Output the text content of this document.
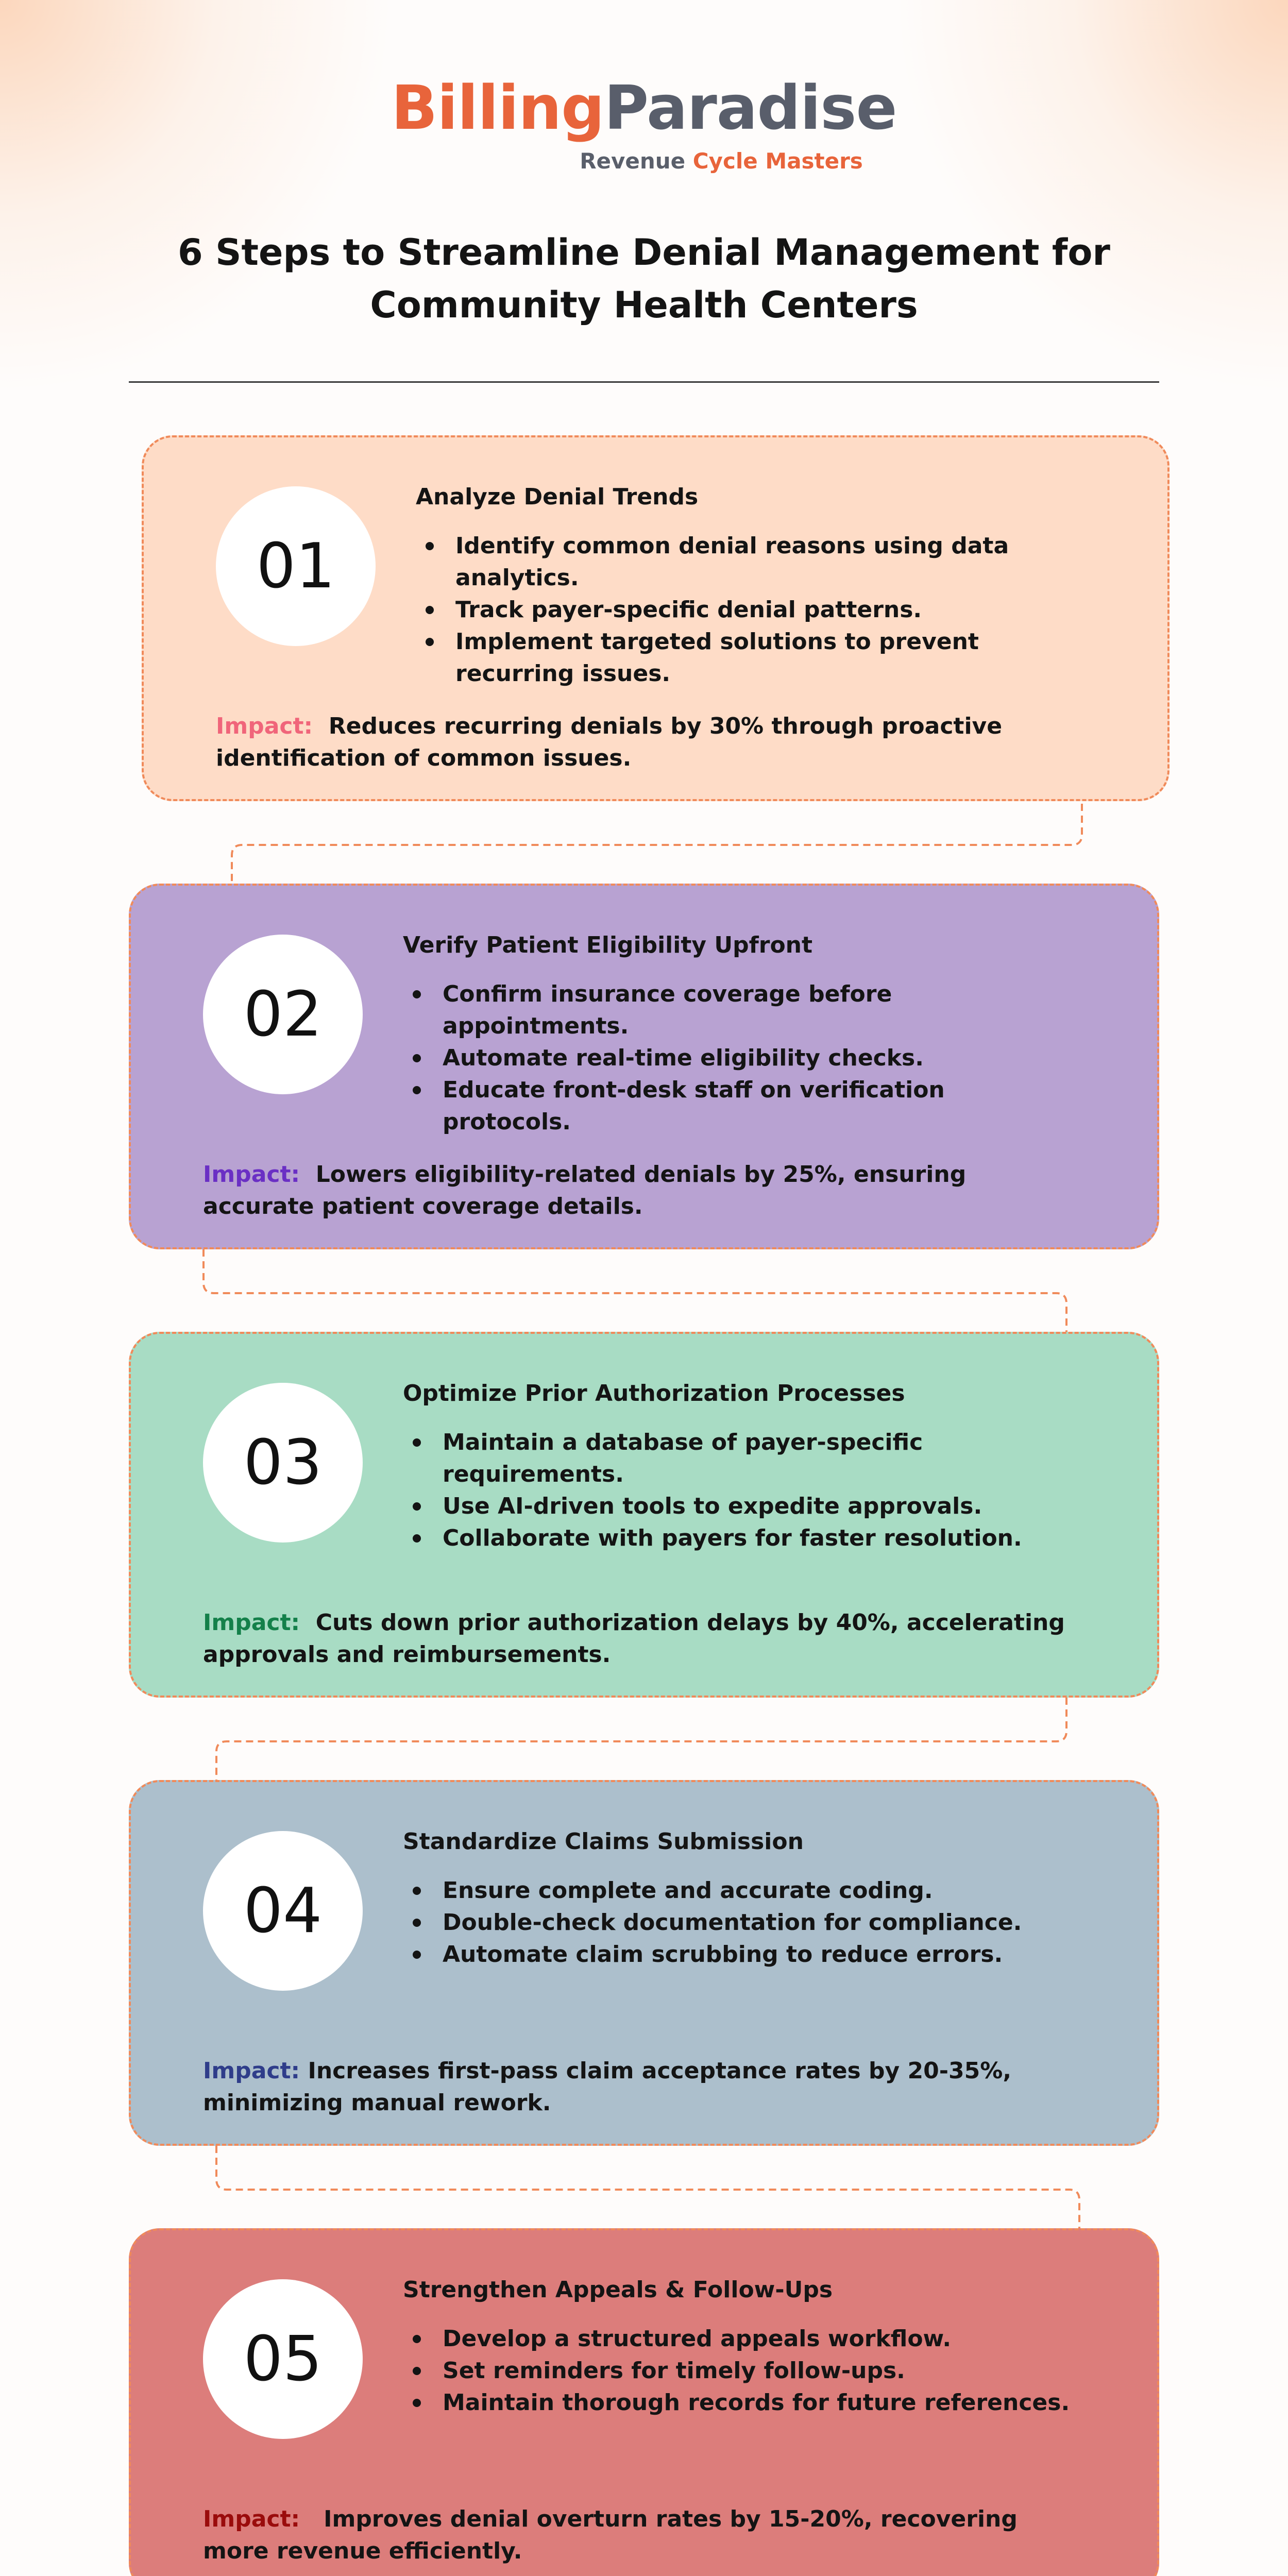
BillingParadise
Revenue Cycle Masters
6 Steps to Streamline Denial Management for Community Health Centers
01
Analyze Denial Trends
Identify common denial reasons using data analytics.
Track payer-specific denial patterns.
Implement targeted solutions to prevent recurring issues.
Impact: Reduces recurring denials by 30% through proactive identification of common issues.
02
Verify Patient Eligibility Upfront
Confirm insurance coverage before appointments.
Automate real-time eligibility checks.
Educate front-desk staff on verification protocols.
Impact: Lowers eligibility-related denials by 25%, ensuring accurate patient coverage details.
03
Optimize Prior Authorization Processes
Maintain a database of payer-specific requirements.
Use AI-driven tools to expedite approvals.
Collaborate with payers for faster resolution.
Impact: Cuts down prior authorization delays by 40%, accelerating approvals and reimbursements.
04
Standardize Claims Submission
Ensure complete and accurate coding.
Double-check documentation for compliance.
Automate claim scrubbing to reduce errors.
Impact: Increases first-pass claim acceptance rates by 20-35%, minimizing manual rework.
05
Strengthen Appeals & Follow-Ups
Develop a structured appeals workflow.
Set reminders for timely follow-ups.
Maintain thorough records for future references.
Impact: Improves denial overturn rates by 15-20%, recovering more revenue efficiently.
